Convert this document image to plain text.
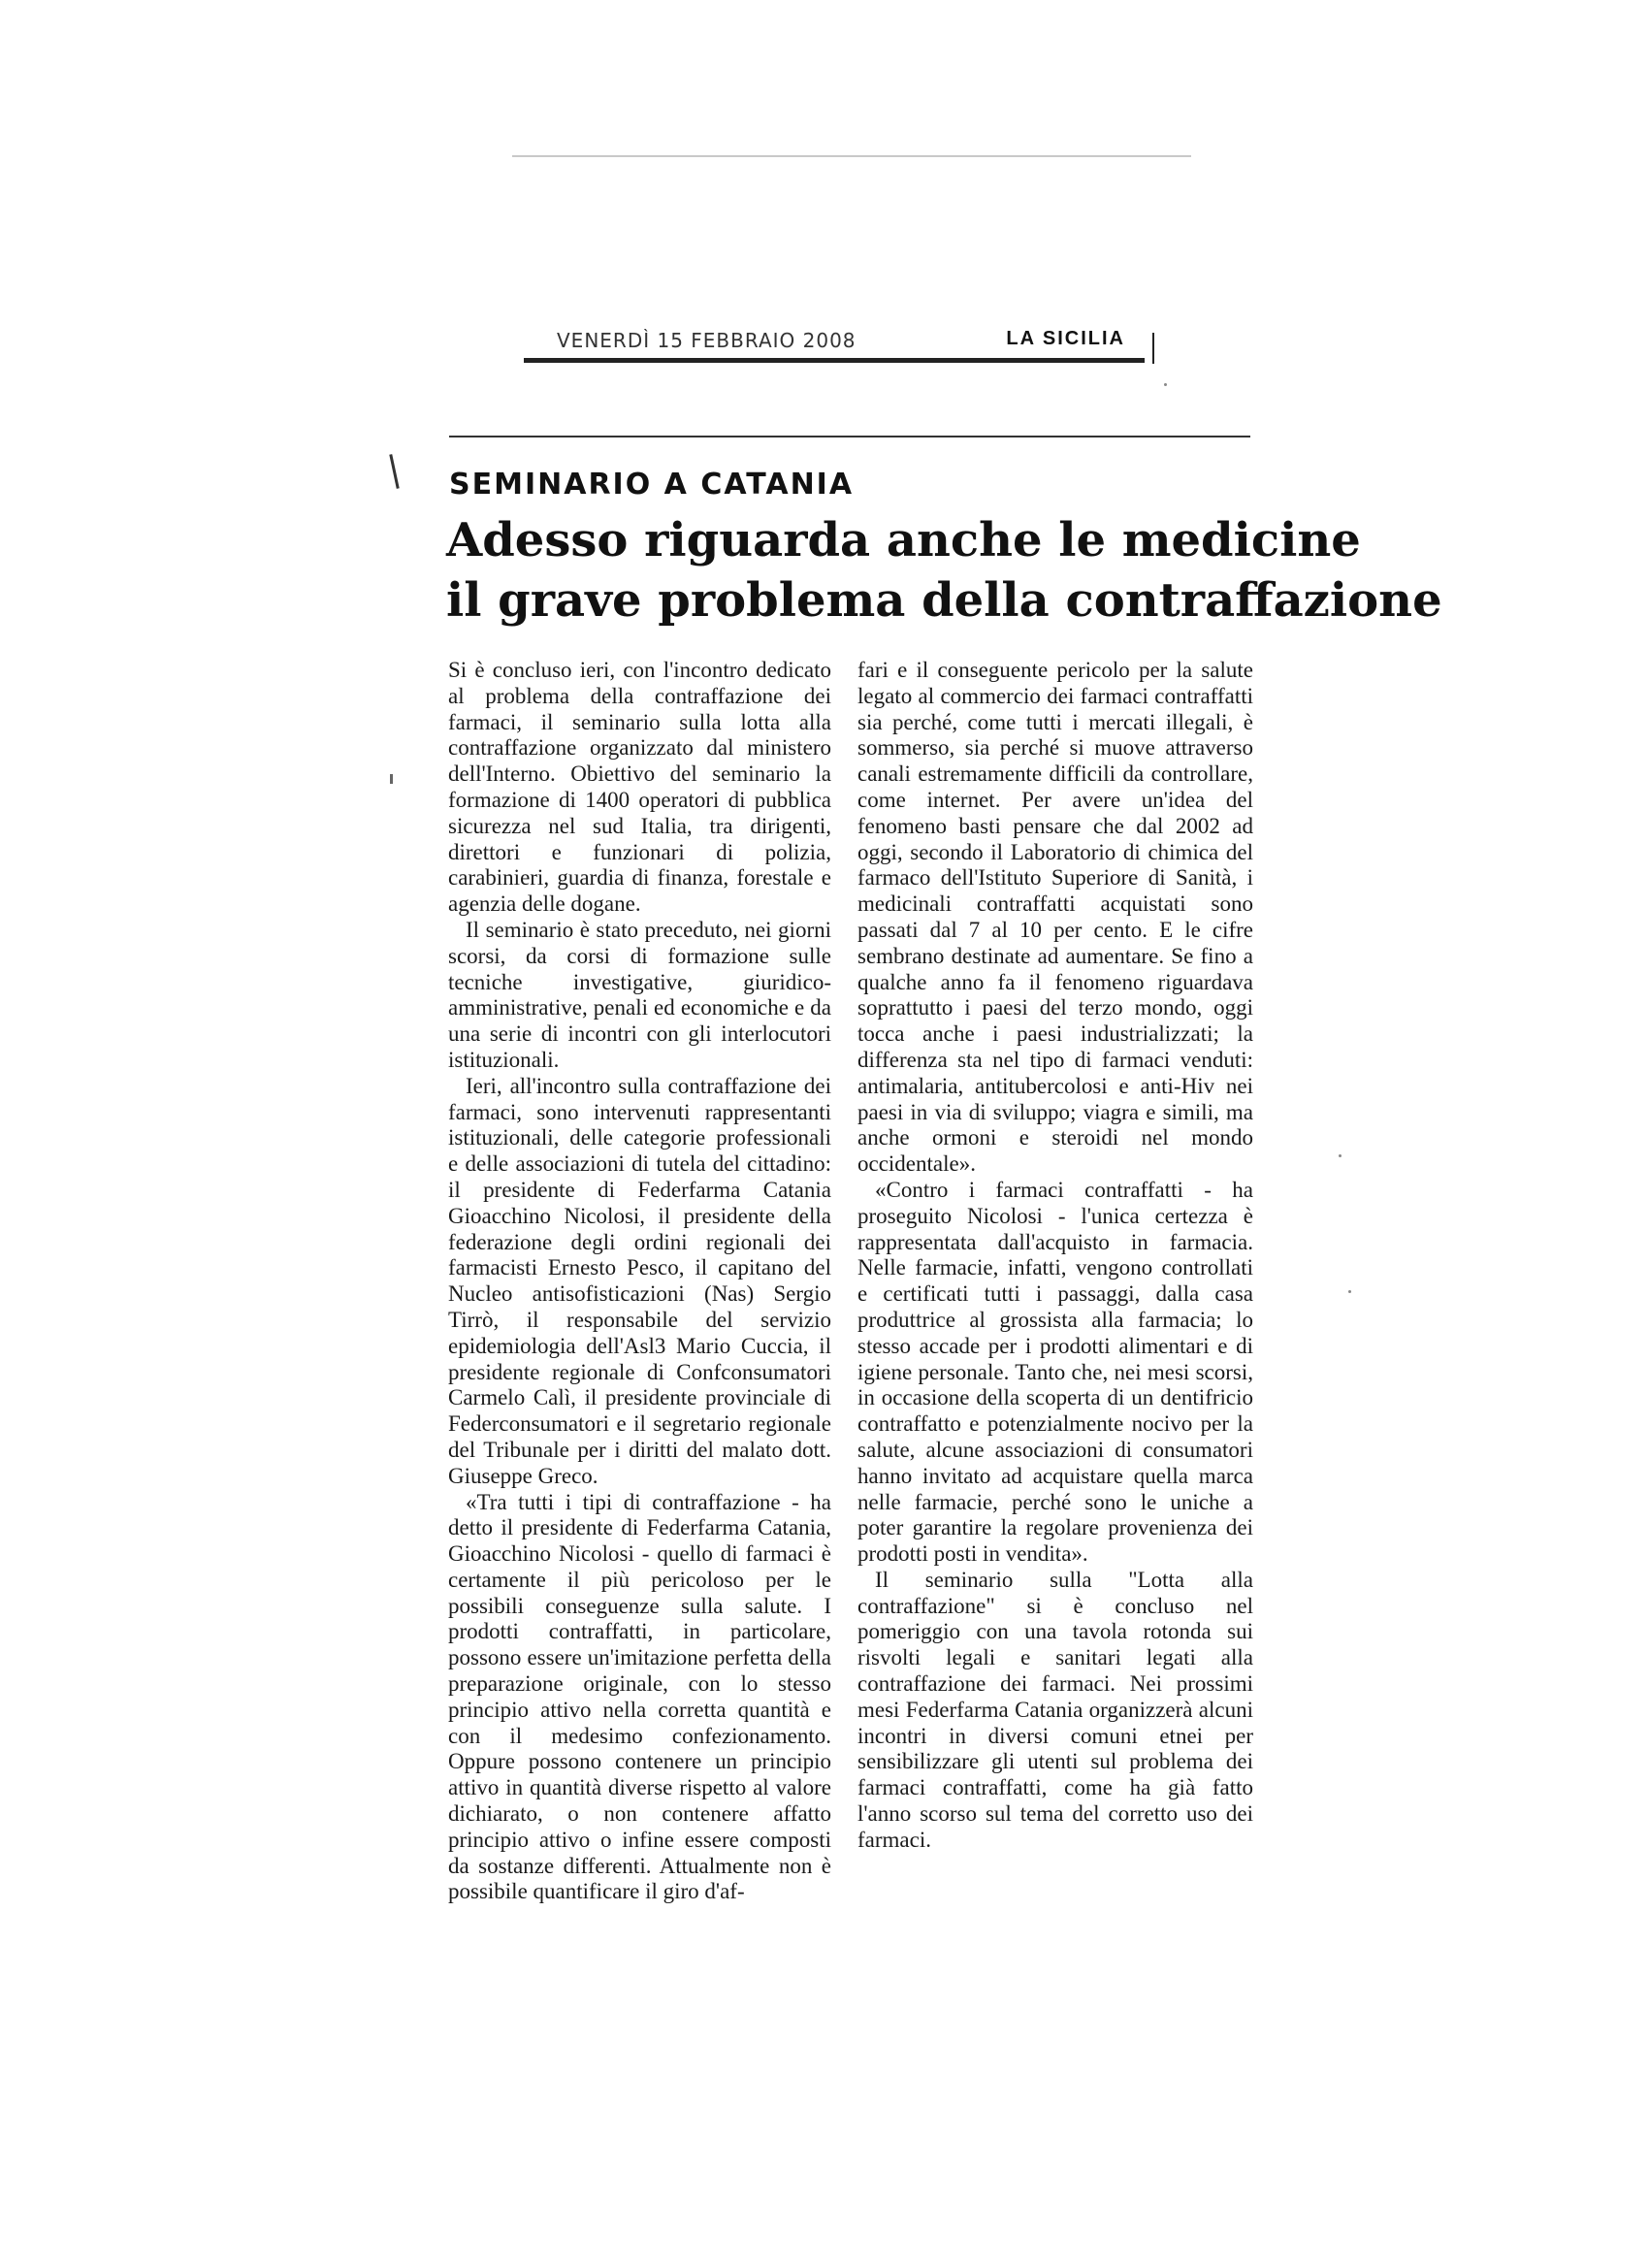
VENERDÌ 15 FEBBRAIO 2008	LA SICILIA
SEMINARIO A CATANIA
Adesso riguarda anche le medicine
il grave problema della contraffazione

Si è concluso ieri, con l'incontro dedicato al problema della contraffazione dei farmaci, il seminario sulla lotta alla contraffazione organizzato dal ministero dell'Interno. Obiettivo del seminario la formazione di 1400 operatori di pubblica sicurezza nel sud Italia, tra dirigenti, direttori e funzionari di polizia, carabinieri, guardia di finanza, forestale e agenzia delle dogane.

Il seminario è stato preceduto, nei giorni scorsi, da corsi di formazione sulle tecniche investigative, giuridico-amministrative, penali ed economiche e da una serie di incontri con gli interlocutori istituzionali.

Ieri, all'incontro sulla contraffazione dei farmaci, sono intervenuti rappresentanti istituzionali, delle categorie professionali e delle associazioni di tutela del cittadino: il presidente di Federfarma Catania Gioacchino Nicolosi, il presidente della federazione degli ordini regionali dei farmacisti Ernesto Pesco, il capitano del Nucleo antisofisticazioni (Nas) Sergio Tirrò, il responsabile del servizio epidemiologia dell'Asl3 Mario Cuccia, il presidente regionale di Confconsumatori Carmelo Calì, il presidente provinciale di Federconsumatori e il segretario regionale del Tribunale per i diritti del malato dott. Giuseppe Greco.

«Tra tutti i tipi di contraffazione - ha detto il presidente di Federfarma Catania, Gioacchino Nicolosi - quello di farmaci è certamente il più pericoloso per le possibili conseguenze sulla salute. I prodotti contraffatti, in particolare, possono essere un'imitazione perfetta della preparazione originale, con lo stesso principio attivo nella corretta quantità e con il medesimo confezionamento. Oppure possono contenere un principio attivo in quantità diverse rispetto al valore dichiarato, o non contenere affatto principio attivo o infine essere composti da sostanze differenti. Attualmente non è possibile quantificare il giro d'af-

fari e il conseguente pericolo per la salute legato al commercio dei farmaci contraffatti sia perché, come tutti i mercati illegali, è sommerso, sia perché si muove attraverso canali estremamente difficili da controllare, come internet. Per avere un'idea del fenomeno basti pensare che dal 2002 ad oggi, secondo il Laboratorio di chimica del farmaco dell'Istituto Superiore di Sanità, i medicinali contraffatti acquistati sono passati dal 7 al 10 per cento. E le cifre sembrano destinate ad aumentare. Se fino a qualche anno fa il fenomeno riguardava soprattutto i paesi del terzo mondo, oggi tocca anche i paesi industrializzati; la differenza sta nel tipo di farmaci venduti: antimalaria, antitubercolosi e anti-Hiv nei paesi in via di sviluppo; viagra e simili, ma anche ormoni e steroidi nel mondo occidentale».

«Contro i farmaci contraffatti - ha proseguito Nicolosi - l'unica certezza è rappresentata dall'acquisto in farmacia. Nelle farmacie, infatti, vengono controllati e certificati tutti i passaggi, dalla casa produttrice al grossista alla farmacia; lo stesso accade per i prodotti alimentari e di igiene personale. Tanto che, nei mesi scorsi, in occasione della scoperta di un dentifricio contraffatto e potenzialmente nocivo per la salute, alcune associazioni di consumatori hanno invitato ad acquistare quella marca nelle farmacie, perché sono le uniche a poter garantire la regolare provenienza dei prodotti posti in vendita».

Il seminario sulla "Lotta alla contraffazione" si è concluso nel pomeriggio con una tavola rotonda sui risvolti legali e sanitari legati alla contraffazione dei farmaci. Nei prossimi mesi Federfarma Catania organizzerà alcuni incontri in diversi comuni etnei per sensibilizzare gli utenti sul problema dei farmaci contraffatti, come ha già fatto l'anno scorso sul tema del corretto uso dei farmaci.
